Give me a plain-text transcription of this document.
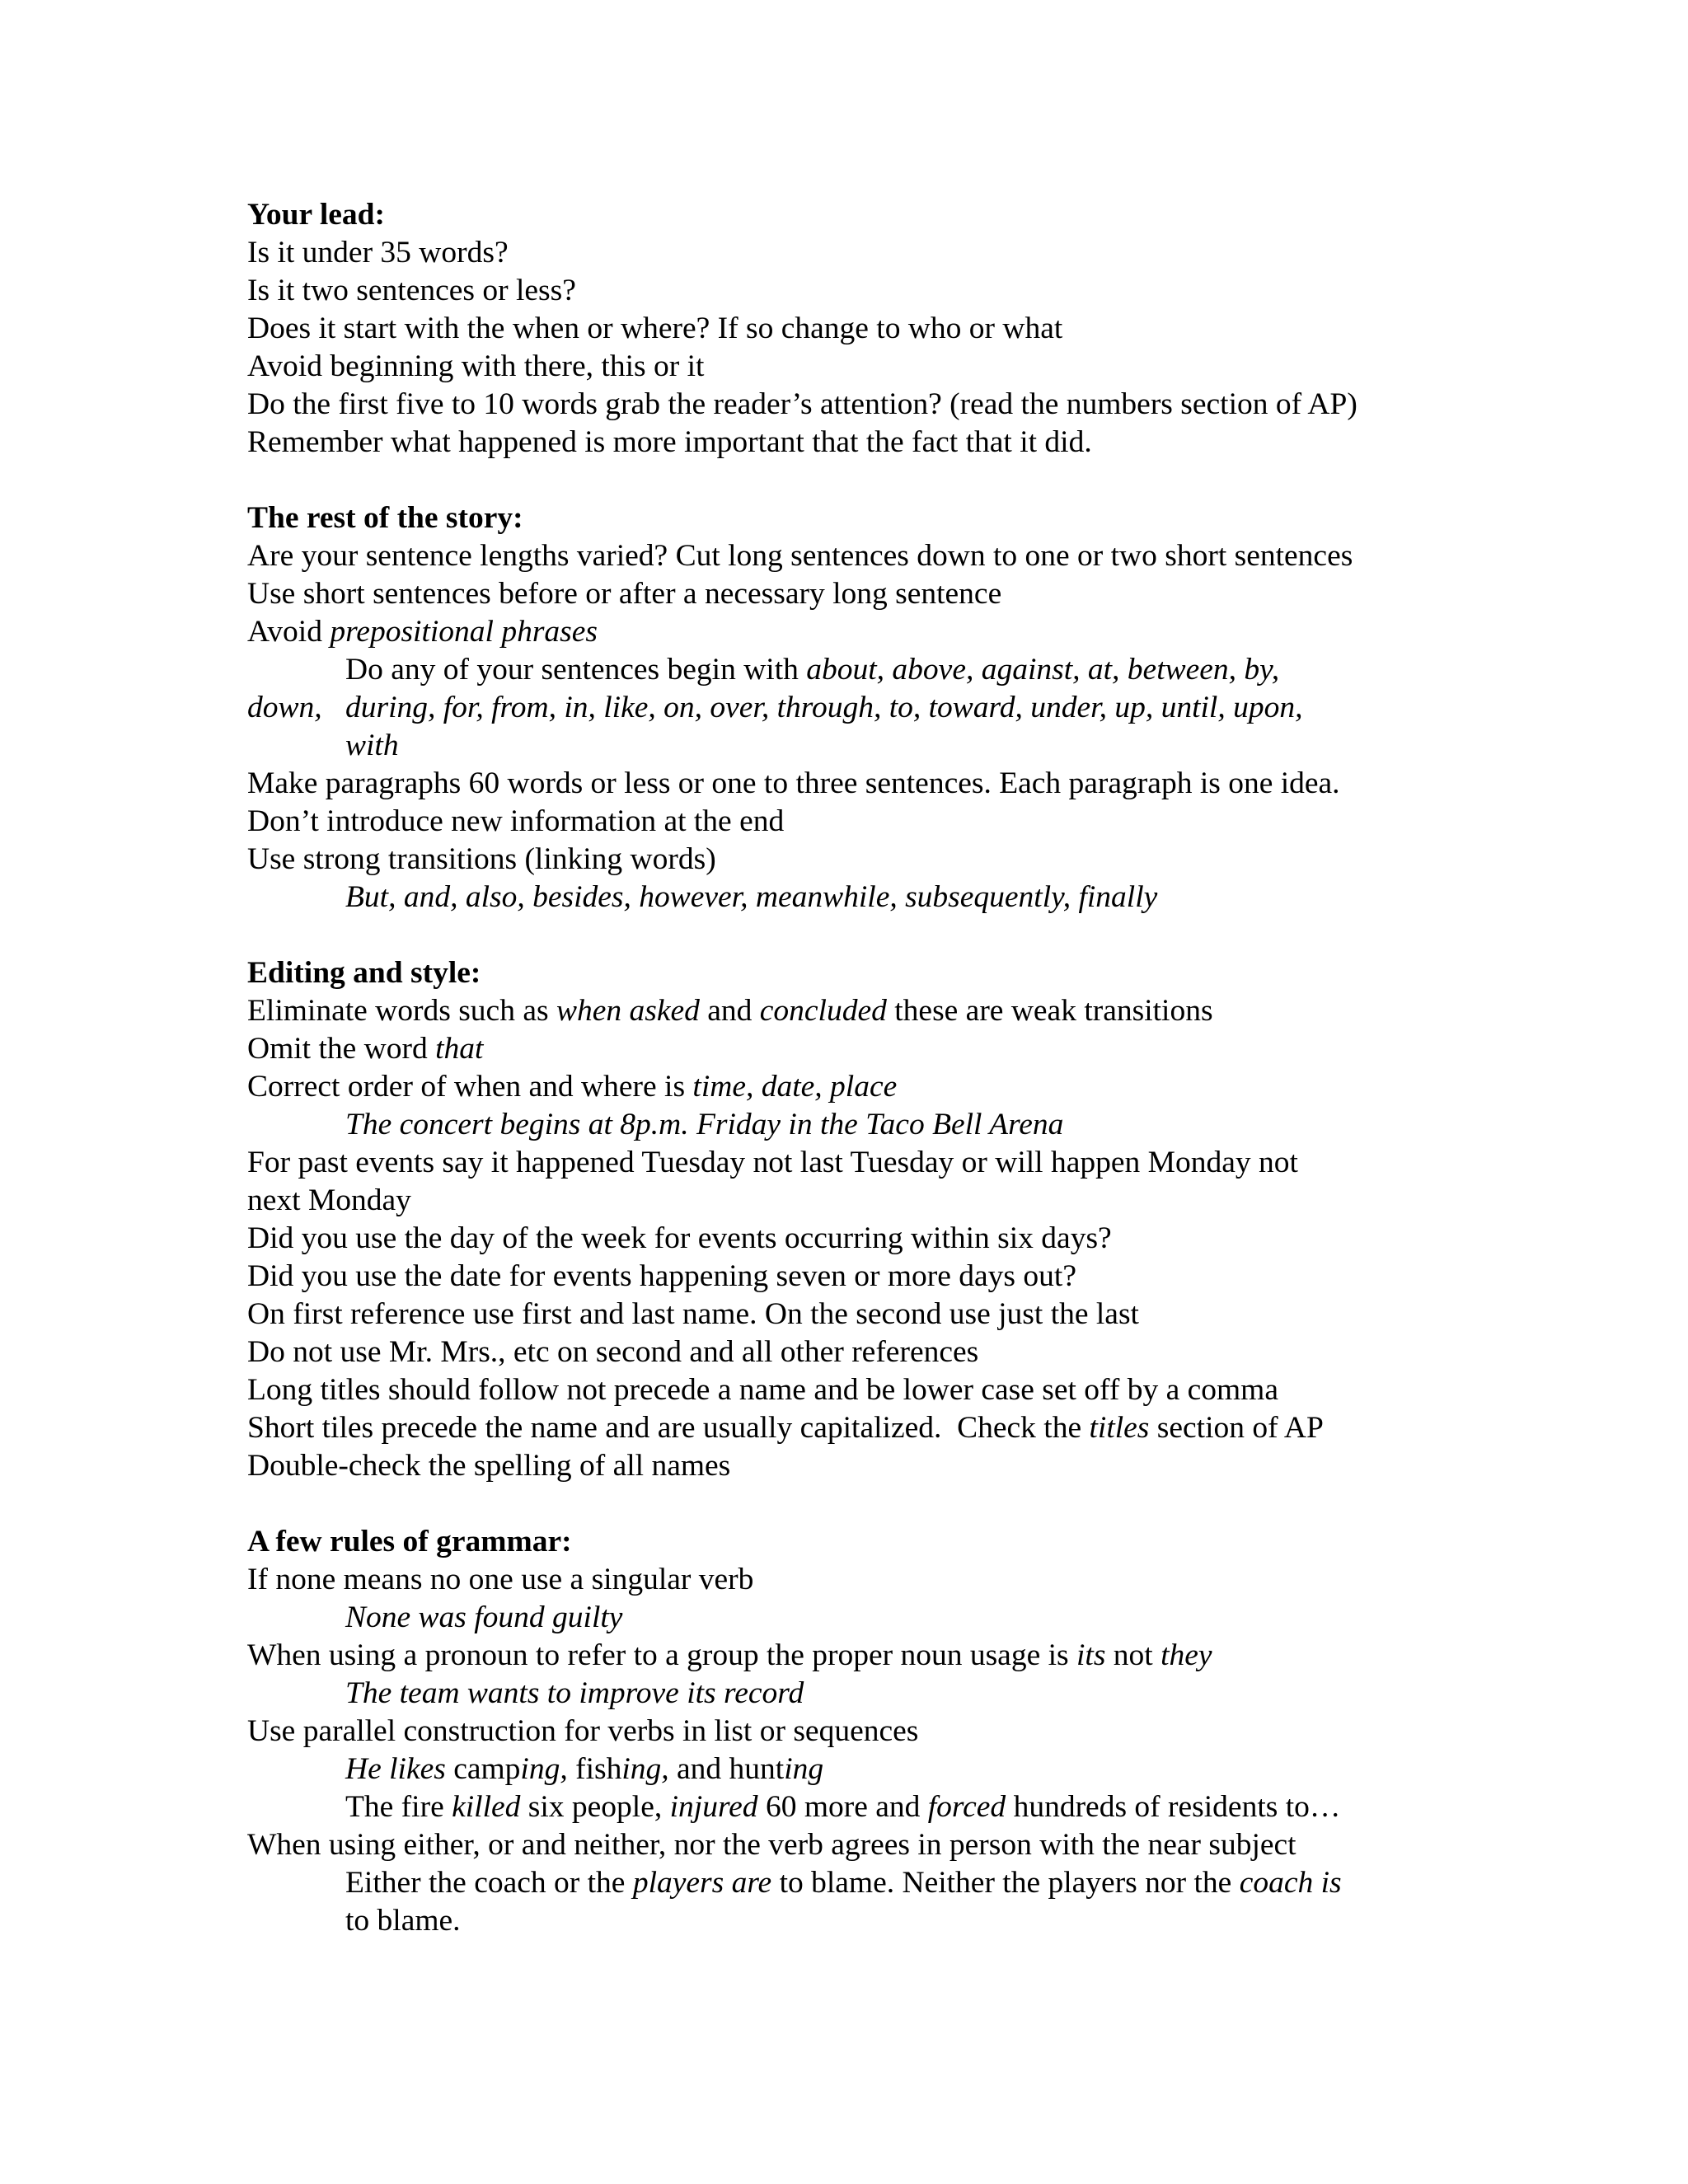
Your lead:
Is it under 35 words?
Is it two sentences or less?
Does it start with the when or where? If so change to who or what
Avoid beginning with there, this or it
Do the first five to 10 words grab the reader’s attention? (read the numbers section of AP)
Remember what happened is more important that the fact that it did.
The rest of the story:
Are your sentence lengths varied? Cut long sentences down to one or two short sentences
Use short sentences before or after a necessary long sentence
Avoid prepositional phrases
down,
Do any of your sentences begin with about, above, against, at, between, by,
during, for, from, in, like, on, over, through, to, toward, under, up, until, upon,
with
Make paragraphs 60 words or less or one to three sentences. Each paragraph is one idea.
Don’t introduce new information at the end
Use strong transitions (linking words)
But, and, also, besides, however, meanwhile, subsequently, finally
Editing and style:
Eliminate words such as when asked and concluded these are weak transitions
Omit the word that
Correct order of when and where is time, date, place
The concert begins at 8p.m. Friday in the Taco Bell Arena
For past events say it happened Tuesday not last Tuesday or will happen Monday not
next Monday
Did you use the day of the week for events occurring within six days?
Did you use the date for events happening seven or more days out?
On first reference use first and last name. On the second use just the last
Do not use Mr. Mrs., etc on second and all other references
Long titles should follow not precede a name and be lower case set off by a comma
Short tiles precede the name and are usually capitalized.  Check the titles section of AP
Double-check the spelling of all names
A few rules of grammar:
If none means no one use a singular verb
None was found guilty
When using a pronoun to refer to a group the proper noun usage is its not they
The team wants to improve its record
Use parallel construction for verbs in list or sequences
He likes camping, fishing, and hunting
The fire killed six people, injured 60 more and forced hundreds of residents to…
When using either, or and neither, nor the verb agrees in person with the near subject
Either the coach or the players are to blame. Neither the players nor the coach is
to blame.
